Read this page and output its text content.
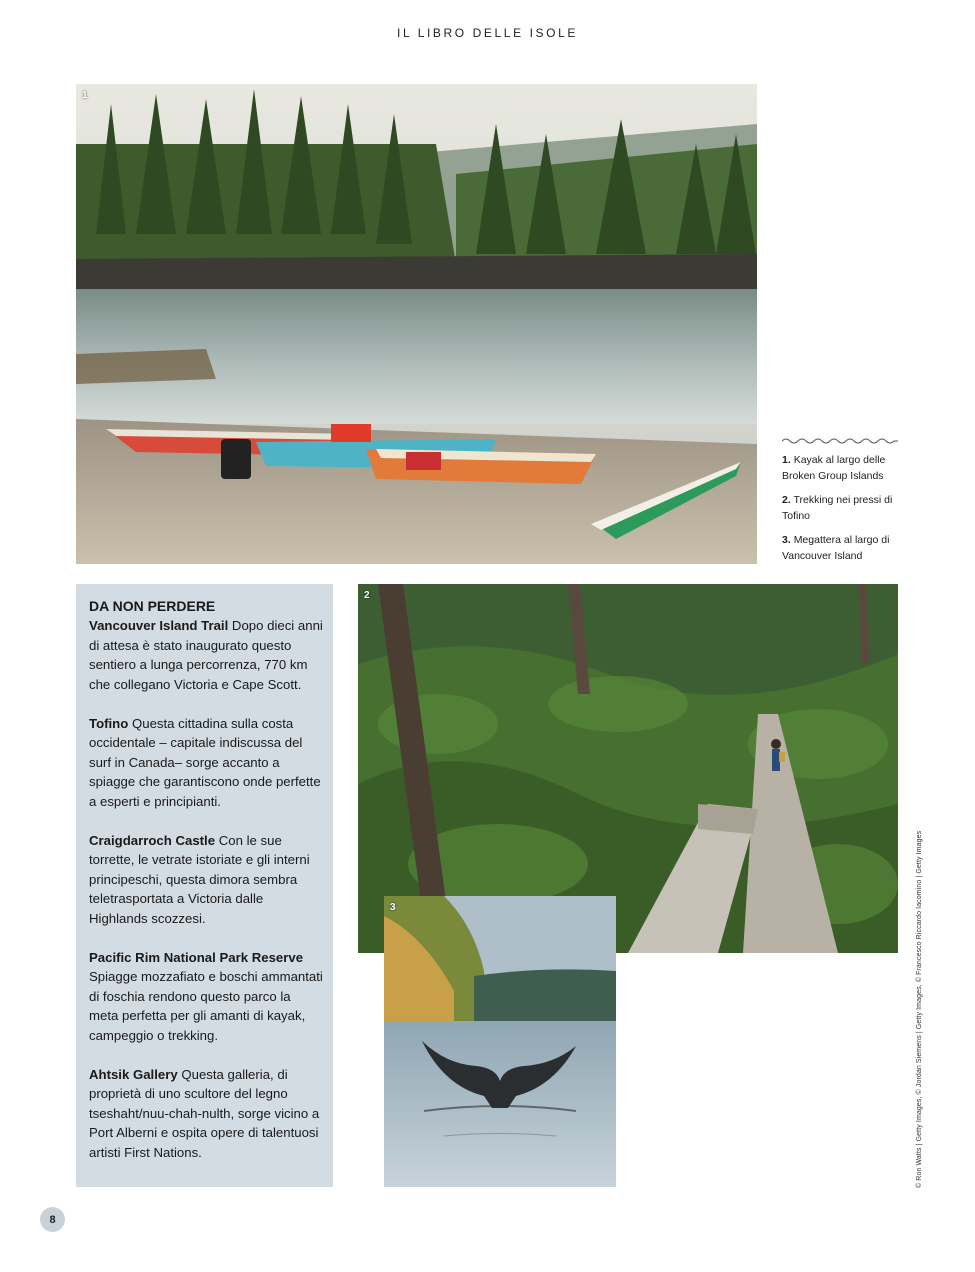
IL LIBRO DELLE ISOLE
1
1. Kayak al largo delle Broken Group Islands
2. Trekking nei pressi di Tofino
3. Megattera al largo di Vancouver Island
DA NON PERDERE

Vancouver Island Trail Dopo dieci anni di attesa è stato inaugurato questo sentiero a lunga percorrenza, 770 km che collegano Victoria e Cape Scott.

Tofino Questa cittadina sulla costa occidentale – capitale indiscussa del surf in Canada– sorge accanto a spiagge che garantiscono onde perfette a esperti e principianti.

Craigdarroch Castle Con le sue torrette, le vetrate istoriate e gli interni principeschi, questa dimora sembra teletrasportata a Victoria dalle Highlands scozzesi.

Pacific Rim National Park Reserve Spiagge mozzafiato e boschi ammantati di foschia rendono questo parco la meta perfetta per gli amanti di kayak, campeggio o trekking.

Ahtsik Gallery Questa galleria, di proprietà di uno scultore del legno tseshaht/nuu-chah-nulth, sorge vicino a Port Alberni e ospita opere di talentuosi artisti First Nations.

2
3
8
© Ron Watts | Getty Images, © Jordan Siemens | Getty Images, © Francesco Riccardo Iacomino | Getty Images
